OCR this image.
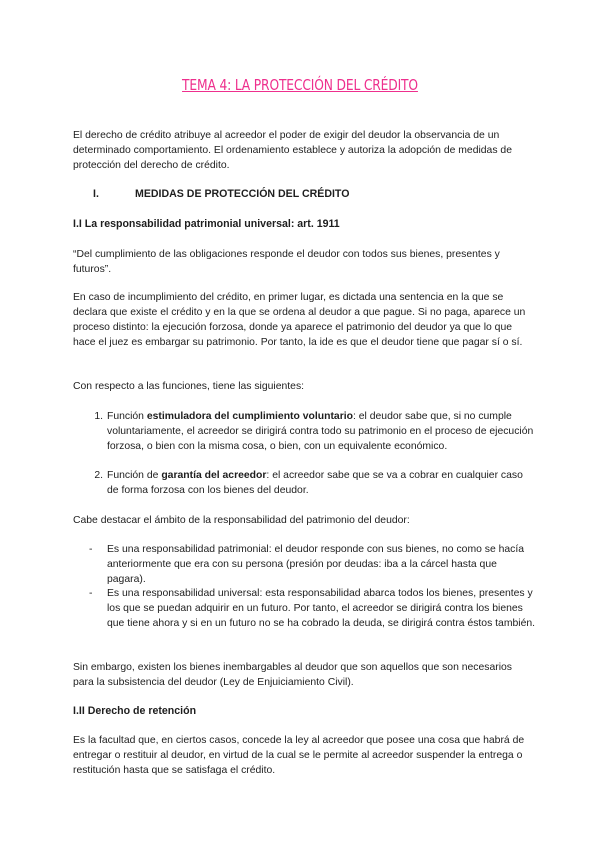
TEMA 4: LA PROTECCIÓN DEL CRÉDITO

El derecho de crédito atribuye al acreedor el poder de exigir del deudor la observancia de un determinado comportamiento. El ordenamiento establece y autoriza la adopción de medidas de protección del derecho de crédito.

I.	MEDIDAS DE PROTECCIÓN DEL CRÉDITO
I.I La responsabilidad patrimonial universal: art. 1911

“Del cumplimiento de las obligaciones responde el deudor con todos sus bienes, presentes y futuros”.

En caso de incumplimiento del crédito, en primer lugar, es dictada una sentencia en la que se declara que existe el crédito y en la que se ordena al deudor a que pague. Si no paga, aparece un proceso distinto: la ejecución forzosa, donde ya aparece el patrimonio del deudor ya que lo que hace el juez es embargar su patrimonio. Por tanto, la ide es que el deudor tiene que pagar sí o sí.

Con respecto a las funciones, tiene las siguientes:

1. Función estimuladora del cumplimiento voluntario: el deudor sabe que, si no cumple voluntariamente, el acreedor se dirigirá contra todo su patrimonio en el proceso de ejecución forzosa, o bien con la misma cosa, o bien, con un equivalente económico.
2. Función de garantía del acreedor: el acreedor sabe que se va a cobrar en cualquier caso de forma forzosa con los bienes del deudor.

Cabe destacar el ámbito de la responsabilidad del patrimonio del deudor:

- Es una responsabilidad patrimonial: el deudor responde con sus bienes, no como se hacía anteriormente que era con su persona (presión por deudas: iba a la cárcel hasta que pagara).
- Es una responsabilidad universal: esta responsabilidad abarca todos los bienes, presentes y los que se puedan adquirir en un futuro. Por tanto, el acreedor se dirigirá contra los bienes que tiene ahora y si en un futuro no se ha cobrado la deuda, se dirigirá contra éstos también.

Sin embargo, existen los bienes inembargables al deudor que son aquellos que son necesarios para la subsistencia del deudor (Ley de Enjuiciamiento Civil).

I.II Derecho de retención

Es la facultad que, en ciertos casos, concede la ley al acreedor que posee una cosa que habrá de entregar o restituir al deudor, en virtud de la cual se le permite al acreedor suspender la entrega o restitución hasta que se satisfaga el crédito.
